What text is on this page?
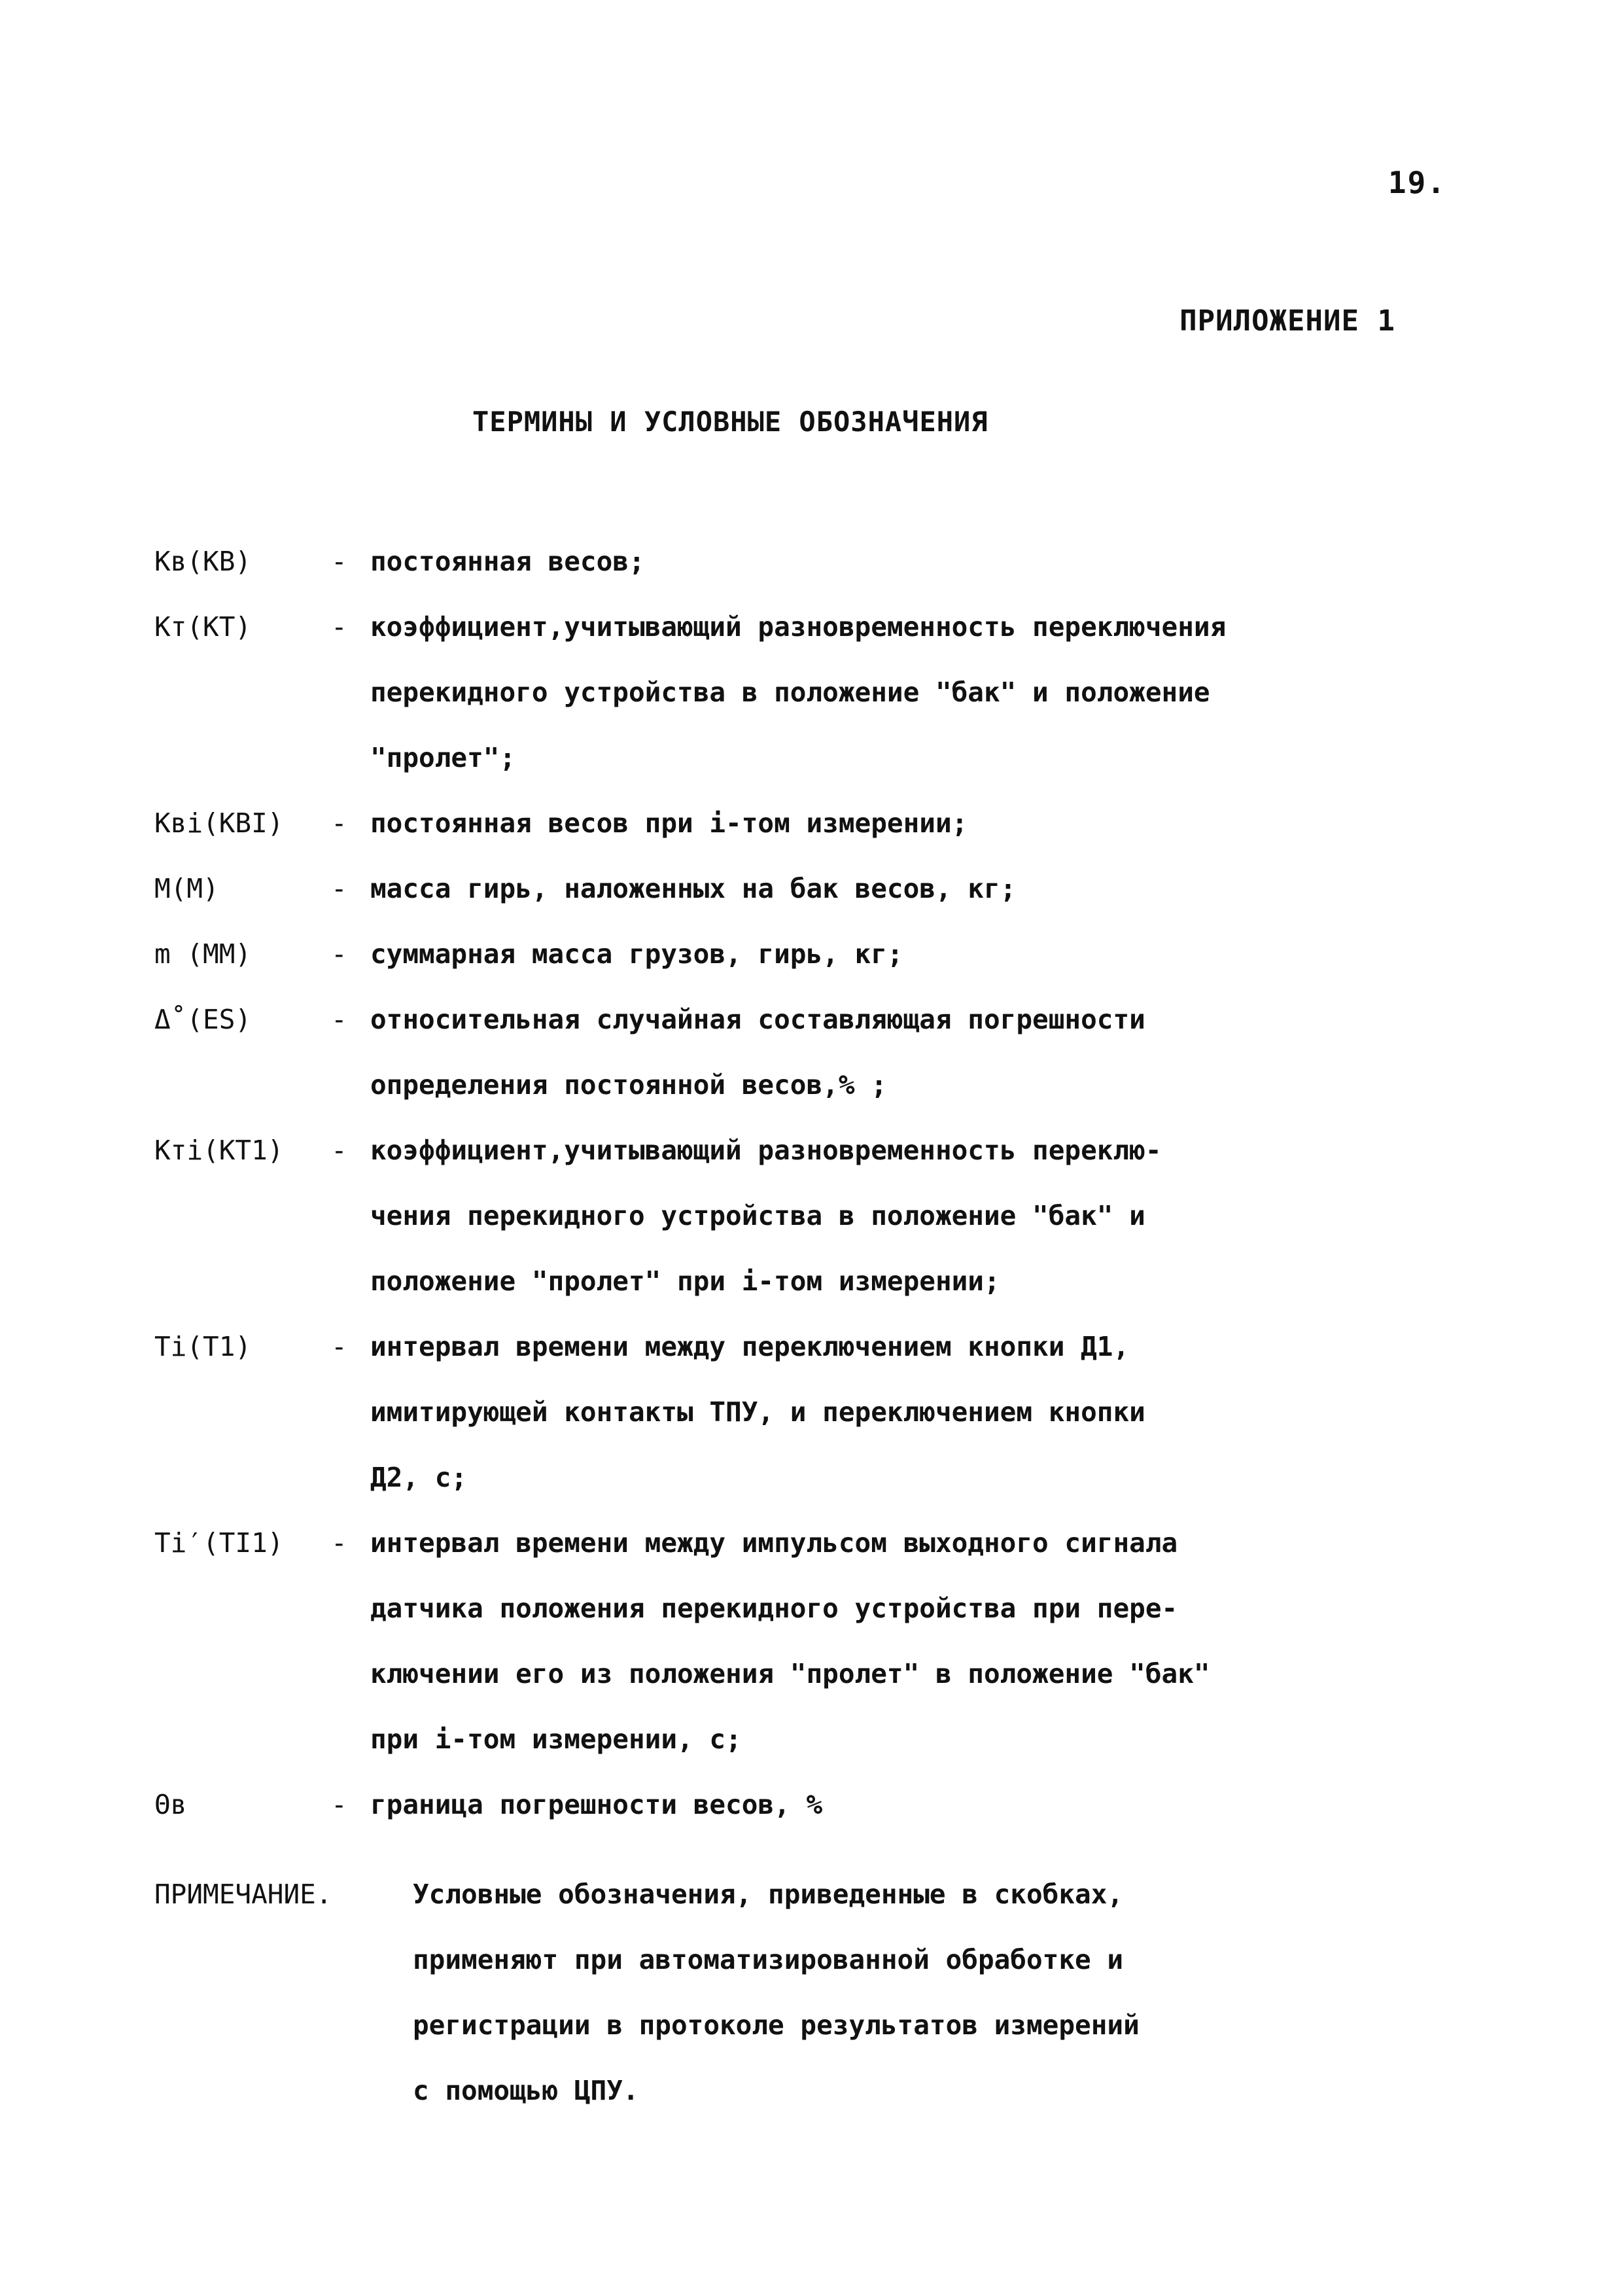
19.
ПРИЛОЖЕНИЕ 1
ТЕРМИНЫ И УСЛОВНЫЕ ОБОЗНАЧЕНИЯ
Кв(КВ)	- постоянная весов;
Кт(КТ)	- коэффициент,учитывающий разновременность переключения
перекидного устройства в положение "бак" и положение
"пролет";
Квi(КВI)	- постоянная весов при i-том измерении;
М(М)	- масса гирь, наложенных на бак весов, кг;
m (ММ)	- суммарная масса грузов, гирь, кг;
Δ̊ (ES)	- относительная случайная составляющая погрешности
определения постоянной весов,% ;
Ктi(КТ1)	- коэффициент,учитывающий разновременность переклю-
чения перекидного устройства в положение "бак" и
положение "пролет" при i-том измерении;
Тi(Т1)	- интервал времени между переключением кнопки Д1,
имитирующей контакты ТПУ, и переключением кнопки
Д2, с;
Тi′(ТI1)	- интервал времени между импульсом выходного сигнала
датчика положения перекидного устройства при пере-
ключении его из положения "пролет" в положение "бак"
при i-том измерении, с;
Θв	- граница погрешности весов, %
ПРИМЕЧАНИЕ.	Условные обозначения, приведенные в скобках,
применяют при автоматизированной обработке и
регистрации в протоколе результатов измерений
с помощью ЦПУ.
